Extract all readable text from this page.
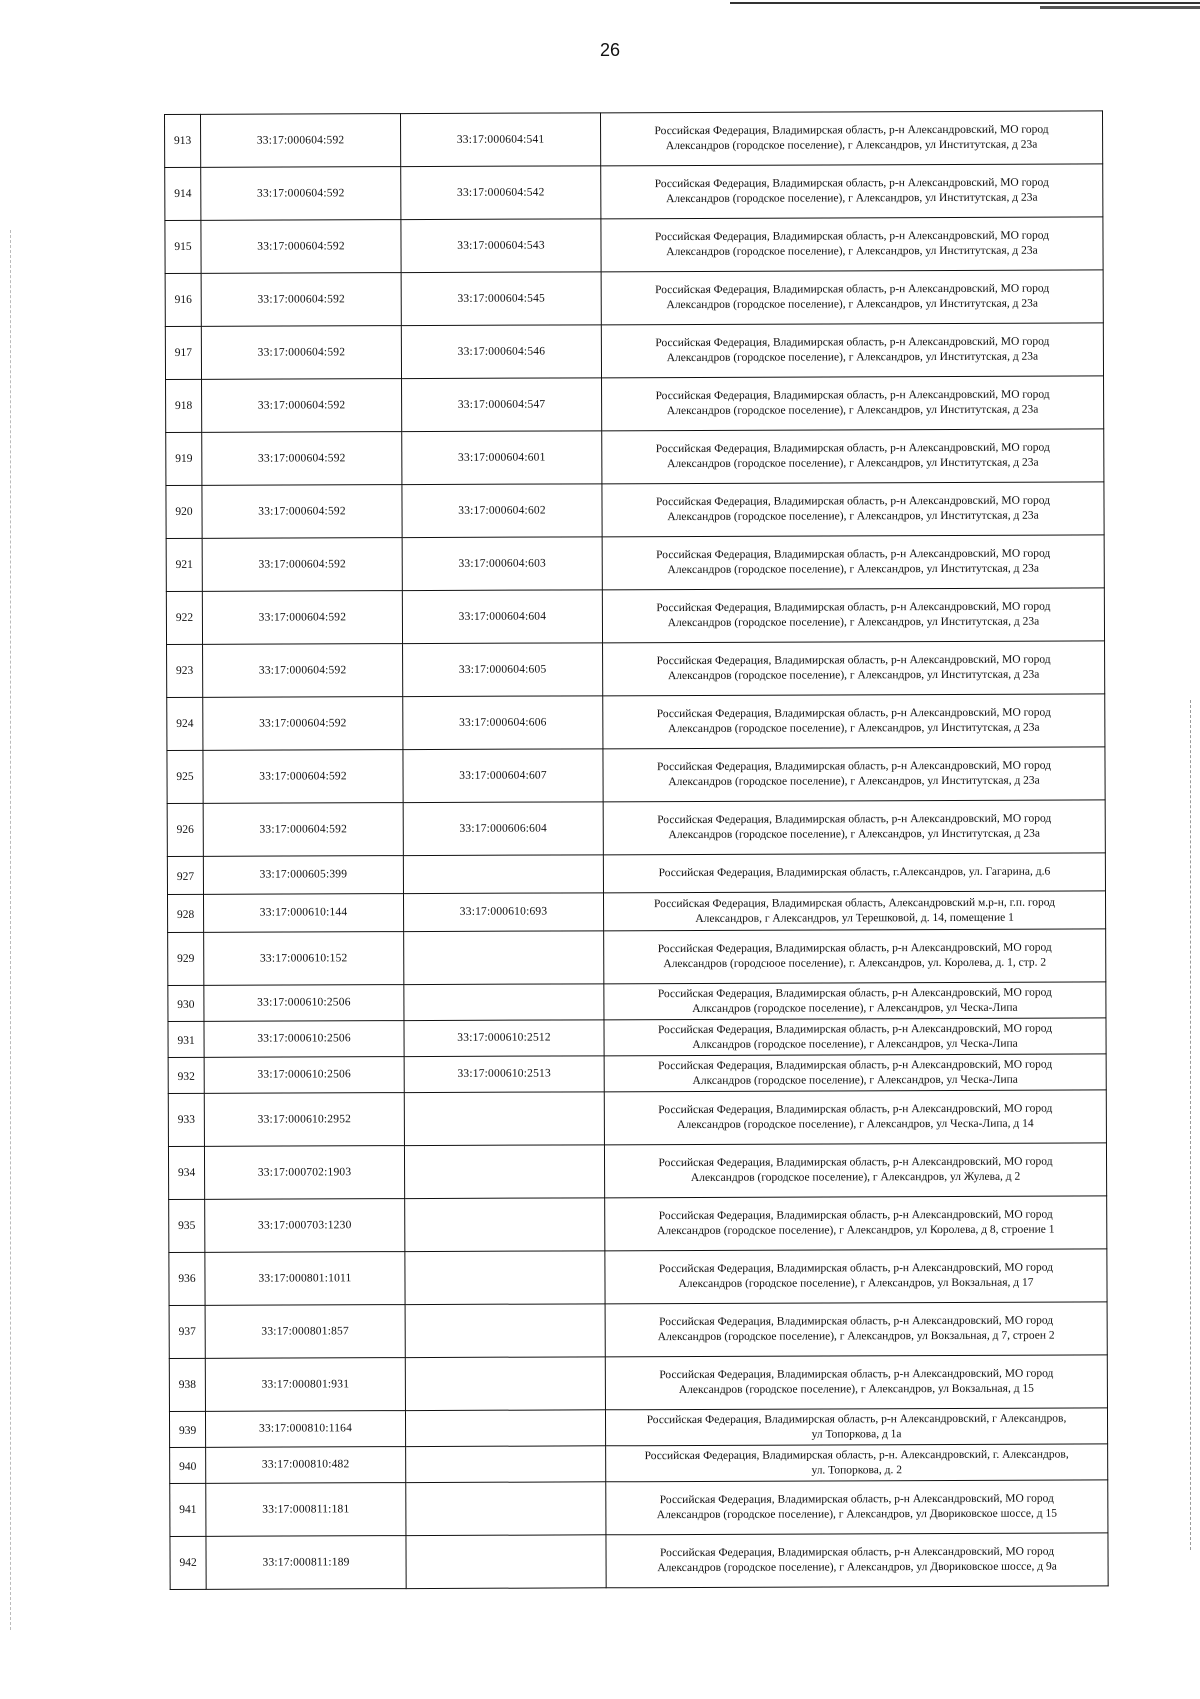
26
913	33:17:000604:592	33:17:000604:541	Российская Федерация, Владимирская область, р-н Александровский, МО город
Александров (городское поселение), г Александров, ул Институтская, д 23а

914	33:17:000604:592	33:17:000604:542	Российская Федерация, Владимирская область, р-н Александровский, МО город
Александров (городское поселение), г Александров, ул Институтская, д 23а

915	33:17:000604:592	33:17:000604:543	Российская Федерация, Владимирская область, р-н Александровский, МО город
Александров (городское поселение), г Александров, ул Институтская, д 23а

916	33:17:000604:592	33:17:000604:545	Российская Федерация, Владимирская область, р-н Александровский, МО город
Александров (городское поселение), г Александров, ул Институтская, д 23а

917	33:17:000604:592	33:17:000604:546	Российская Федерация, Владимирская область, р-н Александровский, МО город
Александров (городское поселение), г Александров, ул Институтская, д 23а

918	33:17:000604:592	33:17:000604:547	Российская Федерация, Владимирская область, р-н Александровский, МО город
Александров (городское поселение), г Александров, ул Институтская, д 23а

919	33:17:000604:592	33:17:000604:601	Российская Федерация, Владимирская область, р-н Александровский, МО город
Александров (городское поселение), г Александров, ул Институтская, д 23а

920	33:17:000604:592	33:17:000604:602	Российская Федерация, Владимирская область, р-н Александровский, МО город
Александров (городское поселение), г Александров, ул Институтская, д 23а

921	33:17:000604:592	33:17:000604:603	Российская Федерация, Владимирская область, р-н Александровский, МО город
Александров (городское поселение), г Александров, ул Институтская, д 23а

922	33:17:000604:592	33:17:000604:604	Российская Федерация, Владимирская область, р-н Александровский, МО город
Александров (городское поселение), г Александров, ул Институтская, д 23а

923	33:17:000604:592	33:17:000604:605	Российская Федерация, Владимирская область, р-н Александровский, МО город
Александров (городское поселение), г Александров, ул Институтская, д 23а

924	33:17:000604:592	33:17:000604:606	Российская Федерация, Владимирская область, р-н Александровский, МО город
Александров (городское поселение), г Александров, ул Институтская, д 23а

925	33:17:000604:592	33:17:000604:607	Российская Федерация, Владимирская область, р-н Александровский, МО город
Александров (городское поселение), г Александров, ул Институтская, д 23а

926	33:17:000604:592	33:17:000606:604	Российская Федерация, Владимирская область, р-н Александровский, МО город
Александров (городское поселение), г Александров, ул Институтская, д 23а

927	33:17:000605:399		Российская Федерация, Владимирская область, г.Александров, ул. Гагарина, д.6

928	33:17:000610:144	33:17:000610:693	Российская Федерация, Владимирская область, Александровский м.р-н, г.п. город
Александров, г Александров, ул Терешковой, д. 14, помещение 1

929	33:17:000610:152		Российская Федерация, Владимирская область, р-н Александровский, МО город
Александров (городсюое поселение), г. Александров, ул. Королева, д. 1, стр. 2

930	33:17:000610:2506		Российская Федерация, Владимирская область, р-н Александровский, МО город
Алксандров (городское поселение), г Александров, ул Ческа-Липа

931	33:17:000610:2506	33:17:000610:2512	Российская Федерация, Владимирская область, р-н Александровский, МО город
Алксандров (городское поселение), г Александров, ул Ческа-Липа

932	33:17:000610:2506	33:17:000610:2513	Российская Федерация, Владимирская область, р-н Александровский, МО город
Алксандров (городское поселение), г Александров, ул Ческа-Липа

933	33:17:000610:2952		Российская Федерация, Владимирская область, р-н Александровский, МО город
Александров (городское поселение), г Александров, ул Ческа-Липа, д 14

934	33:17:000702:1903		Российская Федерация, Владимирская область, р-н Александровский, МО город
Александров (городское поселение), г Александров, ул Жулева, д 2

935	33:17:000703:1230		Российская Федерация, Владимирская область, р-н Александровский, МО город
Александров (городское поселение), г Александров, ул Королева, д 8, строение 1

936	33:17:000801:1011		Российская Федерация, Владимирская область, р-н Александровский, МО город
Александров (городское поселение), г Александров, ул Вокзальная, д 17

937	33:17:000801:857		Российская Федерация, Владимирская область, р-н Александровский, МО город
Александров (городское поселение), г Александров, ул Вокзальная, д 7, строен 2

938	33:17:000801:931		Российская Федерация, Владимирская область, р-н Александровский, МО город
Александров (городское поселение), г Александров, ул Вокзальная, д 15

939	33:17:000810:1164		Российская Федерация, Владимирская область, р-н Александровский, г Александров,
ул Топоркова, д 1а

940	33:17:000810:482		Российская Федерация, Владимирская область, р-н. Александровский, г. Александров,
ул. Топоркова, д. 2

941	33:17:000811:181		Российская Федерация, Владимирская область, р-н Александровский, МО город
Александров (городское поселение), г Александров, ул Двориковское шоссе, д 15

942	33:17:000811:189		Российская Федерация, Владимирская область, р-н Александровский, МО город
Александров (городское поселение), г Александров, ул Двориковское шоссе, д 9а
